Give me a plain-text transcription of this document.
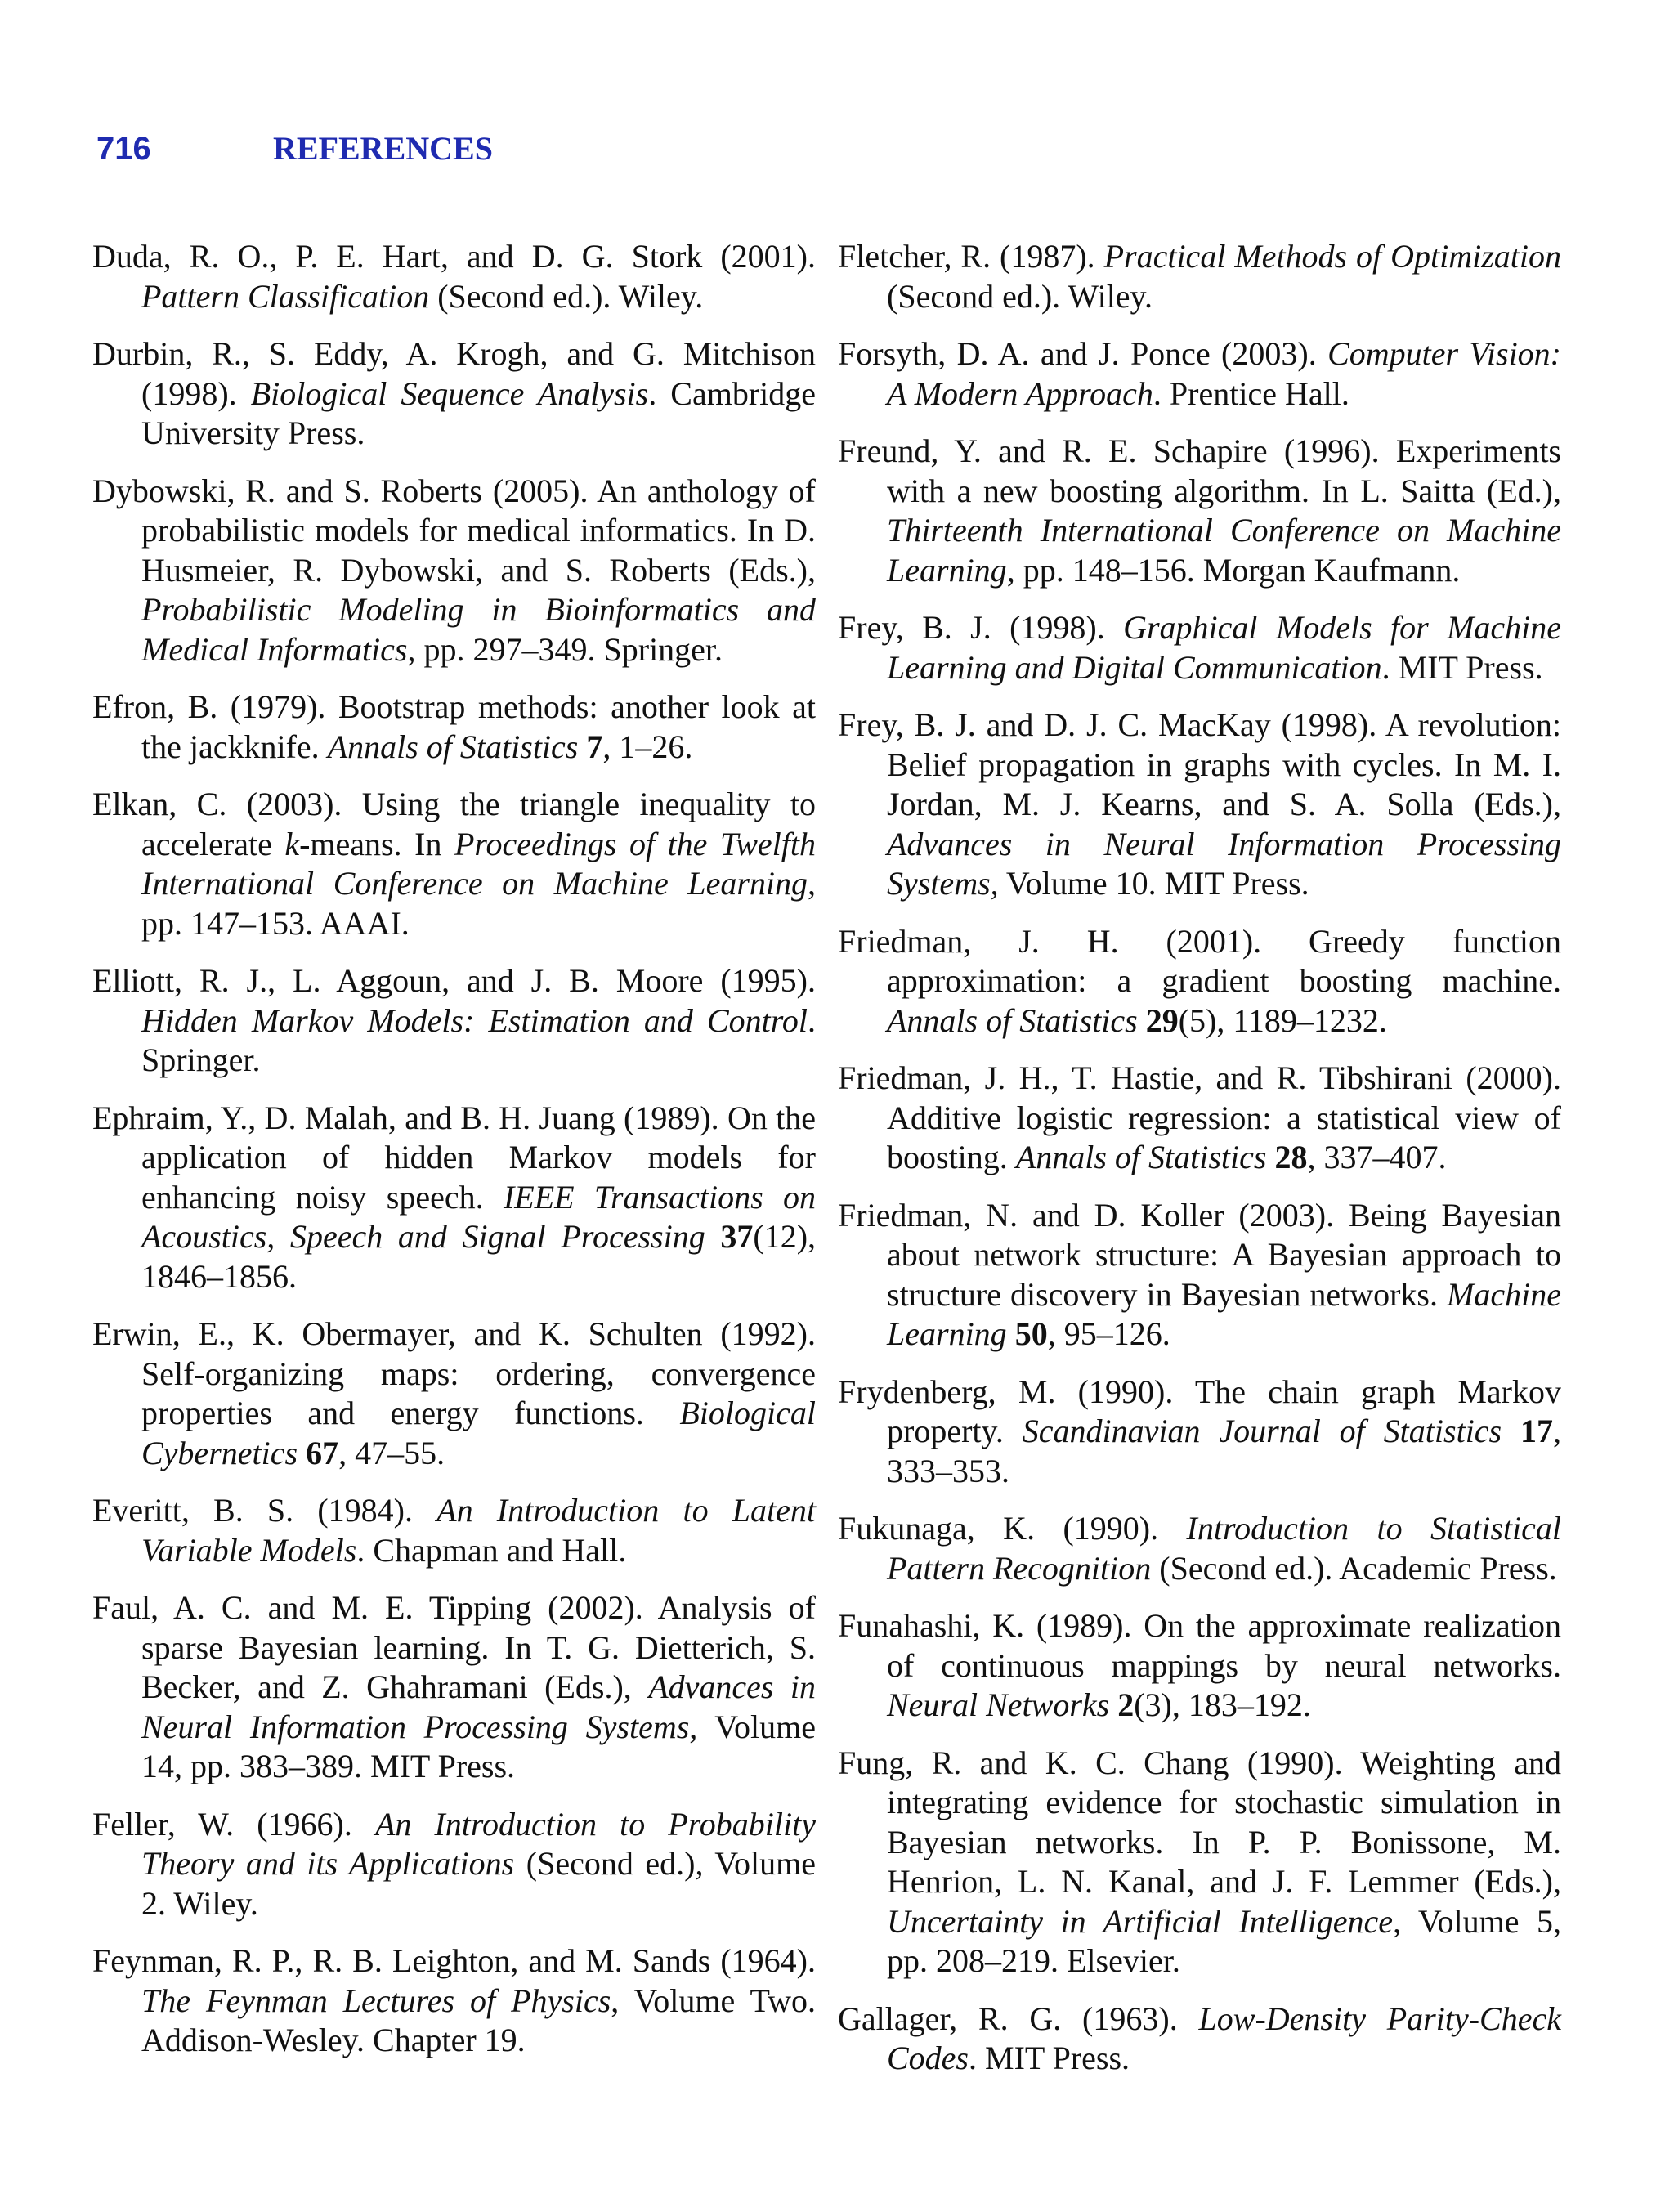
716	REFERENCES

Duda, R. O., P. E. Hart, and D. G. Stork (2001). Pattern Classification (Second ed.). Wiley.

Durbin, R., S. Eddy, A. Krogh, and G. Mitchison (1998). Biological Sequence Analysis. Cambridge University Press.

Dybowski, R. and S. Roberts (2005). An anthology of probabilistic models for medical informatics. In D. Husmeier, R. Dybowski, and S. Roberts (Eds.), Probabilistic Modeling in Bioinformatics and Medical Informatics, pp. 297–349. Springer.

Efron, B. (1979). Bootstrap methods: another look at the jackknife. Annals of Statistics 7, 1–26.

Elkan, C. (2003). Using the triangle inequality to accelerate k-means. In Proceedings of the Twelfth International Conference on Machine Learning, pp. 147–153. AAAI.

Elliott, R. J., L. Aggoun, and J. B. Moore (1995). Hidden Markov Models: Estimation and Control. Springer.

Ephraim, Y., D. Malah, and B. H. Juang (1989). On the application of hidden Markov models for enhancing noisy speech. IEEE Transactions on Acoustics, Speech and Signal Processing 37(12), 1846–1856.

Erwin, E., K. Obermayer, and K. Schulten (1992). Self-organizing maps: ordering, convergence properties and energy functions. Biological Cybernetics 67, 47–55.

Everitt, B. S. (1984). An Introduction to Latent Variable Models. Chapman and Hall.

Faul, A. C. and M. E. Tipping (2002). Analysis of sparse Bayesian learning. In T. G. Dietterich, S. Becker, and Z. Ghahramani (Eds.), Advances in Neural Information Processing Systems, Volume 14, pp. 383–389. MIT Press.

Feller, W. (1966). An Introduction to Probability Theory and its Applications (Second ed.), Volume 2. Wiley.

Feynman, R. P., R. B. Leighton, and M. Sands (1964). The Feynman Lectures of Physics, Volume Two. Addison-Wesley. Chapter 19.

Fletcher, R. (1987). Practical Methods of Optimization (Second ed.). Wiley.

Forsyth, D. A. and J. Ponce (2003). Computer Vision: A Modern Approach. Prentice Hall.

Freund, Y. and R. E. Schapire (1996). Experiments with a new boosting algorithm. In L. Saitta (Ed.), Thirteenth International Conference on Machine Learning, pp. 148–156. Morgan Kaufmann.

Frey, B. J. (1998). Graphical Models for Machine Learning and Digital Communication. MIT Press.

Frey, B. J. and D. J. C. MacKay (1998). A revolution: Belief propagation in graphs with cycles. In M. I. Jordan, M. J. Kearns, and S. A. Solla (Eds.), Advances in Neural Information Processing Systems, Volume 10. MIT Press.

Friedman, J. H. (2001). Greedy function approximation: a gradient boosting machine. Annals of Statistics 29(5), 1189–1232.

Friedman, J. H., T. Hastie, and R. Tibshirani (2000). Additive logistic regression: a statistical view of boosting. Annals of Statistics 28, 337–407.

Friedman, N. and D. Koller (2003). Being Bayesian about network structure: A Bayesian approach to structure discovery in Bayesian networks. Machine Learning 50, 95–126.

Frydenberg, M. (1990). The chain graph Markov property. Scandinavian Journal of Statistics 17, 333–353.

Fukunaga, K. (1990). Introduction to Statistical Pattern Recognition (Second ed.). Academic Press.

Funahashi, K. (1989). On the approximate realization of continuous mappings by neural networks. Neural Networks 2(3), 183–192.

Fung, R. and K. C. Chang (1990). Weighting and integrating evidence for stochastic simulation in Bayesian networks. In P. P. Bonissone, M. Henrion, L. N. Kanal, and J. F. Lemmer (Eds.), Uncertainty in Artificial Intelligence, Volume 5, pp. 208–219. Elsevier.

Gallager, R. G. (1963). Low-Density Parity-Check Codes. MIT Press.
